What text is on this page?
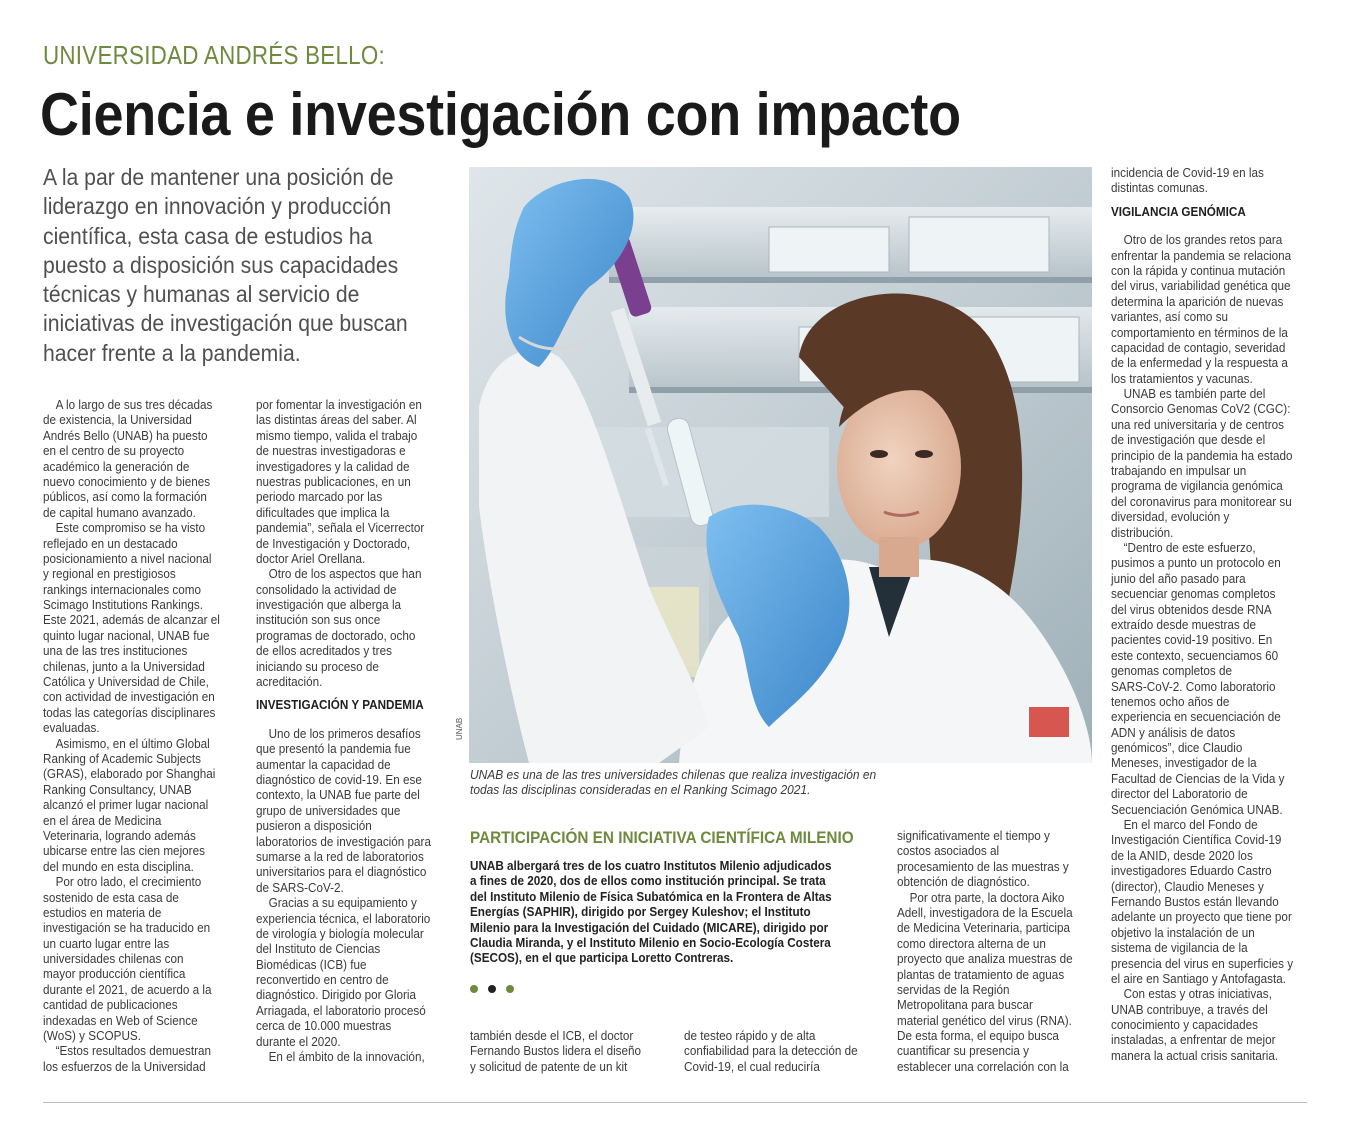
UNIVERSIDAD ANDRÉS BELLO:
Ciencia e investigación con impacto
A la par de mantener una posición de
liderazgo en innovación y producción
científica, esta casa de estudios ha
puesto a disposición sus capacidades
técnicas y humanas al servicio de
iniciativas de investigación que buscan
hacer frente a la pandemia.
A lo largo de sus tres décadas
de existencia, la Universidad
Andrés Bello (UNAB) ha puesto
en el centro de su proyecto
académico la generación de
nuevo conocimiento y de bienes
públicos, así como la formación
de capital humano avanzado.
Este compromiso se ha visto
reflejado en un destacado
posicionamiento a nivel nacional
y regional en prestigiosos
rankings internacionales como
Scimago Institutions Rankings.
Este 2021, además de alcanzar el
quinto lugar nacional, UNAB fue
una de las tres instituciones
chilenas, junto a la Universidad
Católica y Universidad de Chile,
con actividad de investigación en
todas las categorías disciplinares
evaluadas.
Asimismo, en el último Global
Ranking of Academic Subjects
(GRAS), elaborado por Shanghai
Ranking Consultancy, UNAB
alcanzó el primer lugar nacional
en el área de Medicina
Veterinaria, logrando además
ubicarse entre las cien mejores
del mundo en esta disciplina.
Por otro lado, el crecimiento
sostenido de esta casa de
estudios en materia de
investigación se ha traducido en
un cuarto lugar entre las
universidades chilenas con
mayor producción científica
durante el 2021, de acuerdo a la
cantidad de publicaciones
indexadas en Web of Science
(WoS) y SCOPUS.
“Estos resultados demuestran
los esfuerzos de la Universidad
por fomentar la investigación en
las distintas áreas del saber. Al
mismo tiempo, valida el trabajo
de nuestras investigadoras e
investigadores y la calidad de
nuestras publicaciones, en un
periodo marcado por las
dificultades que implica la
pandemia”, señala el Vicerrector
de Investigación y Doctorado,
doctor Ariel Orellana.
Otro de los aspectos que han
consolidado la actividad de
investigación que alberga la
institución son sus once
programas de doctorado, ocho
de ellos acreditados y tres
iniciando su proceso de
acreditación.
INVESTIGACIÓN Y PANDEMIA
Uno de los primeros desafíos
que presentó la pandemia fue
aumentar la capacidad de
diagnóstico de covid-19. En ese
contexto, la UNAB fue parte del
grupo de universidades que
pusieron a disposición
laboratorios de investigación para
sumarse a la red de laboratorios
universitarios para el diagnóstico
de SARS-CoV-2.
Gracias a su equipamiento y
experiencia técnica, el laboratorio
de virología y biología molecular
del Instituto de Ciencias
Biomédicas (ICB) fue
reconvertido en centro de
diagnóstico. Dirigido por Gloria
Arriagada, el laboratorio procesó
cerca de 10.000 muestras
durante el 2020.
En el ámbito de la innovación,
UNAB
UNAB es una de las tres universidades chilenas que realiza investigación en
todas las disciplinas consideradas en el Ranking Scimago 2021.
PARTICIPACIÓN EN INICIATIVA CIENTÍFICA MILENIO
UNAB albergará tres de los cuatro Institutos Milenio adjudicados
a fines de 2020, dos de ellos como institución principal. Se trata
del Instituto Milenio de Física Subatómica en la Frontera de Altas
Energías (SAPHIR), dirigido por Sergey Kuleshov; el Instituto
Milenio para la Investigación del Cuidado (MICARE), dirigido por
Claudia Miranda, y el Instituto Milenio en Socio-Ecología Costera
(SECOS), en el que participa Loretto Contreras.
también desde el ICB, el doctor
Fernando Bustos lidera el diseño
y solicitud de patente de un kit
de testeo rápido y de alta
confiabilidad para la detección de
Covid-19, el cual reduciría
significativamente el tiempo y
costos asociados al
procesamiento de las muestras y
obtención de diagnóstico.
Por otra parte, la doctora Aiko
Adell, investigadora de la Escuela
de Medicina Veterinaria, participa
como directora alterna de un
proyecto que analiza muestras de
plantas de tratamiento de aguas
servidas de la Región
Metropolitana para buscar
material genético del virus (RNA).
De esta forma, el equipo busca
cuantificar su presencia y
establecer una correlación con la
incidencia de Covid-19 en las
distintas comunas.
VIGILANCIA GENÓMICA
Otro de los grandes retos para
enfrentar la pandemia se relaciona
con la rápida y continua mutación
del virus, variabilidad genética que
determina la aparición de nuevas
variantes, así como su
comportamiento en términos de la
capacidad de contagio, severidad
de la enfermedad y la respuesta a
los tratamientos y vacunas.
UNAB es también parte del
Consorcio Genomas CoV2 (CGC):
una red universitaria y de centros
de investigación que desde el
principio de la pandemia ha estado
trabajando en impulsar un
programa de vigilancia genómica
del coronavirus para monitorear su
diversidad, evolución y
distribución.
“Dentro de este esfuerzo,
pusimos a punto un protocolo en
junio del año pasado para
secuenciar genomas completos
del virus obtenidos desde RNA
extraído desde muestras de
pacientes covid-19 positivo. En
este contexto, secuenciamos 60
genomas completos de
SARS-CoV-2. Como laboratorio
tenemos ocho años de
experiencia en secuenciación de
ADN y análisis de datos
genómicos”, dice Claudio
Meneses, investigador de la
Facultad de Ciencias de la Vida y
director del Laboratorio de
Secuenciación Genómica UNAB.
En el marco del Fondo de
Investigación Científica Covid-19
de la ANID, desde 2020 los
investigadores Eduardo Castro
(director), Claudio Meneses y
Fernando Bustos están llevando
adelante un proyecto que tiene por
objetivo la instalación de un
sistema de vigilancia de la
presencia del virus en superficies y
el aire en Santiago y Antofagasta.
Con estas y otras iniciativas,
UNAB contribuye, a través del
conocimiento y capacidades
instaladas, a enfrentar de mejor
manera la actual crisis sanitaria.
